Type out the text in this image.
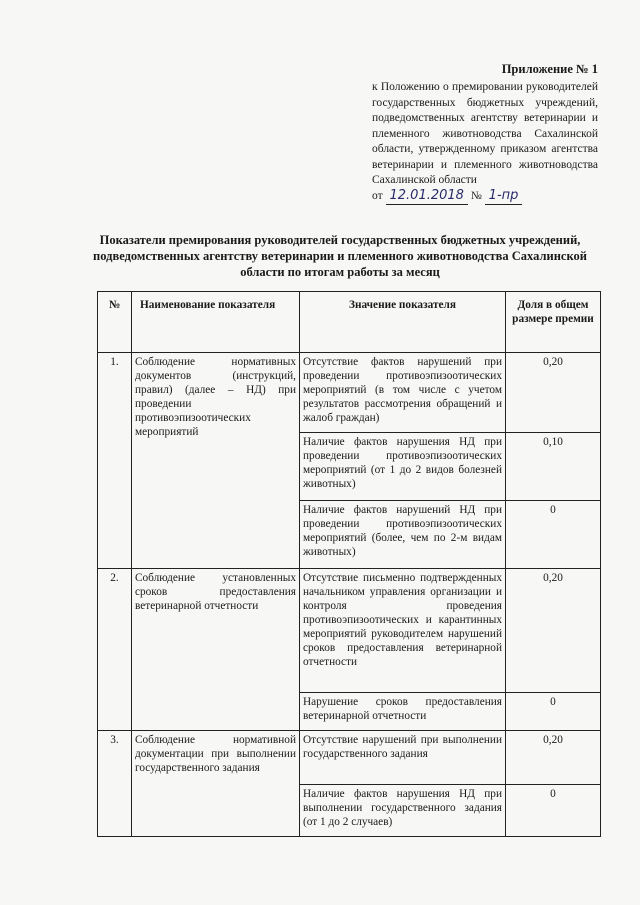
Приложение № 1
к Положению о премировании руководителей государственных бюджетных учреждений, подведомственных агентству ветеринарии и племенного животноводства Сахалинской области, утвержденному приказом агентства ветеринарии и племенного животноводства Сахалинской области
от 12.01.2018 № 1-пр
Показатели премирования руководителей государственных бюджетных учреждений, подведомственных агентству ветеринарии и племенного животноводства Сахалинской области по итогам работы за месяц
№	Наименование показателя	Значение показателя	Доля в общем размере премии
1.	Соблюдение нормативных документов (инструкций, правил) (далее – НД) при проведении противоэпизоотических мероприятий	Отсутствие фактов нарушений при проведении противоэпизоотических мероприятий (в том числе с учетом результатов рассмотрения обращений и жалоб граждан)	0,20
		Наличие фактов нарушения НД при проведении противоэпизоотических мероприятий (от 1 до 2 видов болезней животных)	0,10
		Наличие фактов нарушений НД при проведении противоэпизоотических мероприятий (более, чем по 2-м видам животных)	0
2.	Соблюдение установленных сроков предоставления ветеринарной отчетности	Отсутствие письменно подтвержденных начальником управления организации и контроля проведения противоэпизоотических и карантинных мероприятий руководителем нарушений сроков предоставления ветеринарной отчетности	0,20
		Нарушение сроков предоставления ветеринарной отчетности	0
3.	Соблюдение нормативной документации при выполнении государственного задания	Отсутствие нарушений при выполнении государственного задания	0,20
		Наличие фактов нарушения НД при выполнении государственного задания (от 1 до 2 случаев)	0
